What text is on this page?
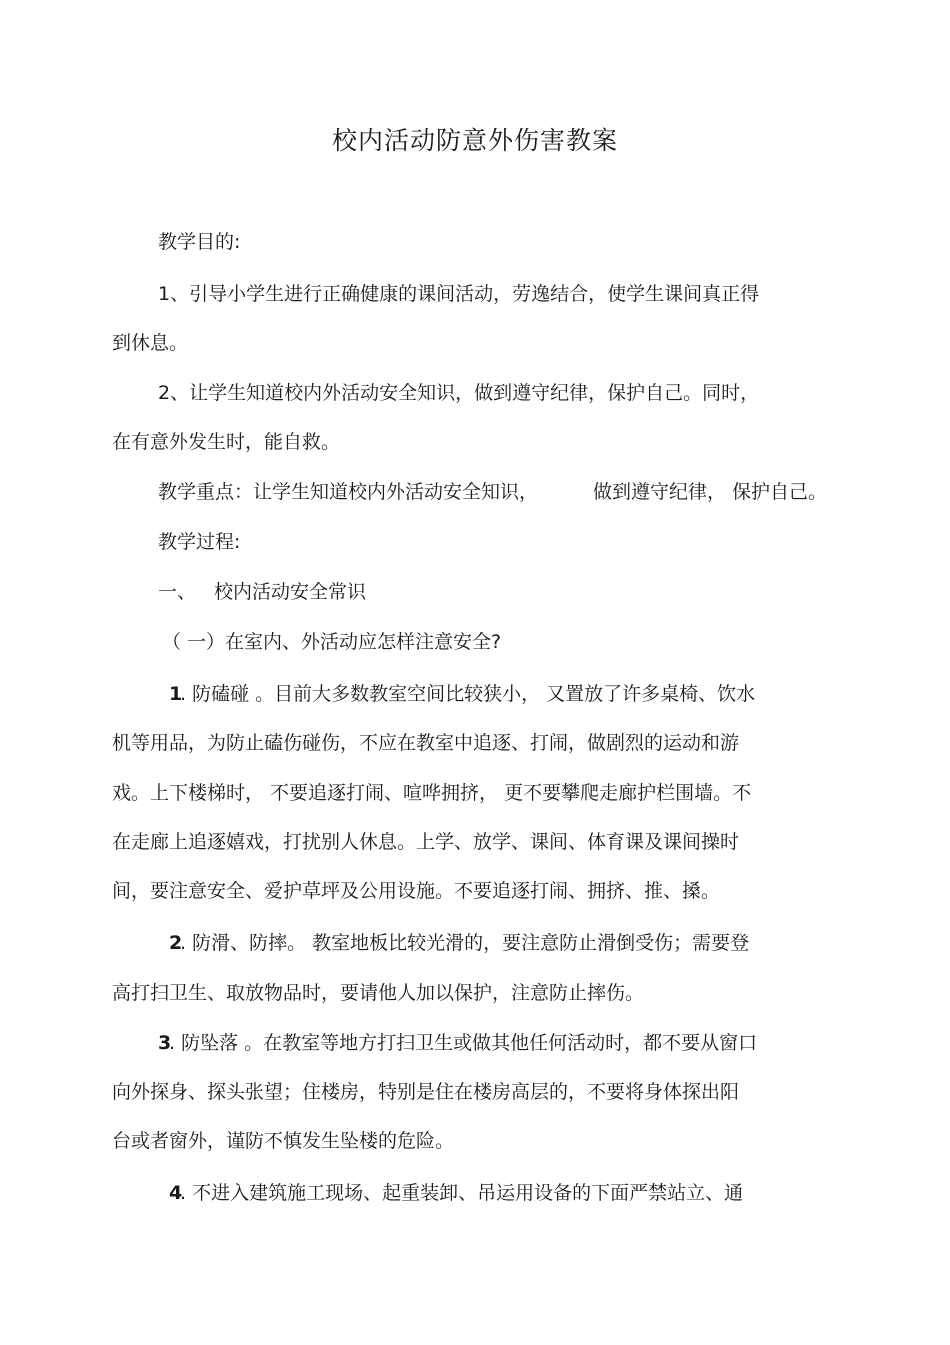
校内活动防意外伤害教案
教学目的:
1、引导小学生进行正确健康的课间活动，劳逸结合，使学生课间真正得
到休息。
2、让学生知道校内外活动安全知识，做到遵守纪律，保护自己。同时，
在有意外发生时，能自救。
教学重点：让学生知道校内外活动安全知识，	做到遵守纪律， 保护自己。
教学过程:
一、 校内活动安全常识
（ 一）在室内、外活动应怎样注意安全?
1
. 防磕碰 。目前大多数教室空间比较狭小， 又置放了许多桌椅、饮水
机等用品，为防止磕伤碰伤，不应在教室中追逐、打闹，做剧烈的运动和游
戏。上下楼梯时， 不要追逐打闹、喧哗拥挤， 更不要攀爬走廊护栏围墙。不
在走廊上追逐嬉戏，打扰别人休息。上学、放学、课间、体育课及课间操时
间，要注意安全、爱护草坪及公用设施。不要追逐打闹、拥挤、推、搡。
2
. 防滑、防摔。 教室地板比较光滑的，要注意防止滑倒受伤；需要登
高打扫卫生、取放物品时，要请他人加以保护，注意防止摔伤。
3
. 防坠落 。在教室等地方打扫卫生或做其他任何活动时，都不要从窗口
向外探身、探头张望；住楼房，特别是住在楼房高层的，不要将身体探出阳
台或者窗外，谨防不慎发生坠楼的危险。
4
. 不进入建筑施工现场、起重装卸、吊运用设备的下面严禁站立、通
